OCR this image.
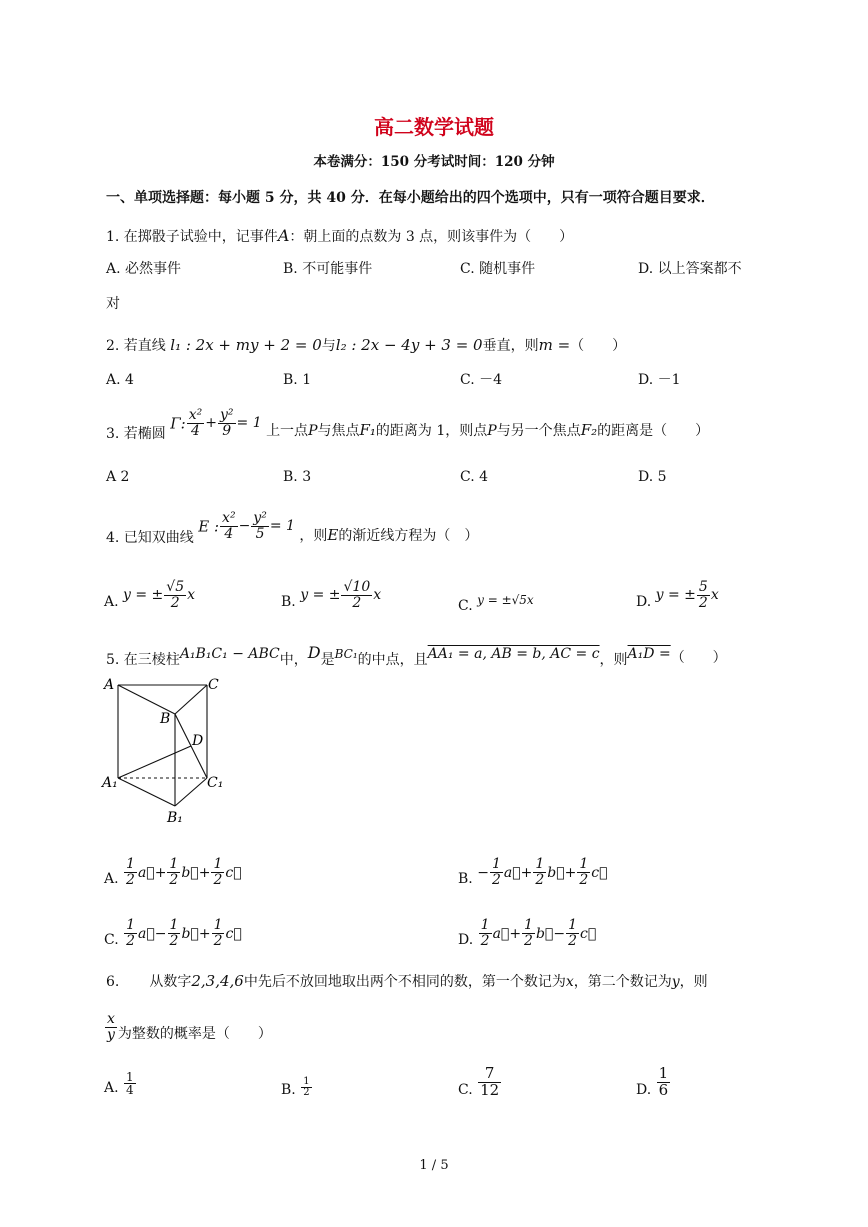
高二数学试题
本卷满分：150 分考试时间：120 分钟
一、单项选择题：每小题 5 分，共 40 分．在每小题给出的四个选项中，只有一项符合题目要求．
1. 在掷骰子试验中，记事件A：朝上面的点数为 3 点，则该事件为（　　）
A. 必然事件	B. 不可能事件	C. 随机事件	D. 以上答案都不
对
2. 若直线 l₁ : 2x + my + 2 = 0与l₂ : 2x − 4y + 3 = 0垂直，则m =（　　）
A. 4	B. 1	C. －4	D. －1
3. 若椭圆 Γ: $\frac{\text{x²}}{4} + \frac{\text{y²}}{9} = 1$ 上一点P与焦点F₁的距离为 1，则点P与另一个焦点F₂的距离是（　　）
A 2	B. 3	C. 4	D. 5
4. 已知双曲线 E : $\frac{\text{x²}}{4} - \frac{\text{y²}}{5} = 1$ ，则E的渐近线方程为（　）
A. y = ± $\frac{√5}{2}$ x	B. y = ± $\frac{√10}{2}$ x
C. y = ±√5x	D. y = ± $\frac{5}{2}$ x
5. 在三棱柱A₁B₁C₁ − ABC中，D是BC₁的中点，且AA₁ = a, AB = b, AC = c，则A₁D =（　　）
A	C
B
D
A₁	C₁
B₁
A. $\frac{1}{2}$ a⃗+ $\frac{1}{2}$ b⃗+ $\frac{1}{2}$ c⃗	B. − $\frac{1}{2}$ a⃗+ $\frac{1}{2}$ b⃗+ $\frac{1}{2}$ c⃗
C. $\frac{1}{2}$ a⃗− $\frac{1}{2}$ b⃗+ $\frac{1}{2}$ c⃗	D. $\frac{1}{2}$ a⃗+ $\frac{1}{2}$ b⃗− $\frac{1}{2}$ c⃗
6. 从数字2,3,4,6中先后不放回地取出两个不相同的数，第一个数记为x，第二个数记为y，则
$\frac{x}{y}$ 为整数的概率是（　　）
A. $\frac{1}{4}$	B. $\frac{1}{2}$	C. $\frac{7}{12}$	D. $\frac{1}{6}$
1 / 5
